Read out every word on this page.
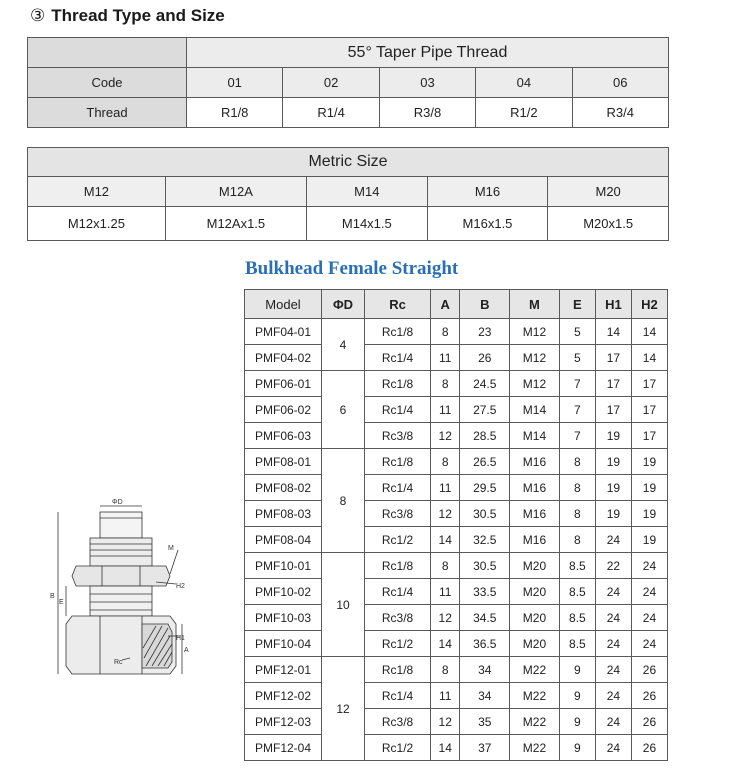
③ Thread Type and Size
	55° Taper Pipe Thread				
Code	01	02	03	04	06
Thread	R1/8	R1/4	R3/8	R1/2	R3/4
Metric Size				
M12	M12A	M14	M16	M20
M12x1.25	M12Ax1.5	M14x1.5	M16x1.5	M20x1.5
Bulkhead Female Straight
Model	ΦD	Rc	A	B	M	E	H1	H2
PMF04-01	4	Rc1/8	8	23	M12	5	14	14
PMF04-02		Rc1/4	11	26	M12	5	17	14
PMF06-01	6	Rc1/8	8	24.5	M12	7	17	17
PMF06-02		Rc1/4	11	27.5	M14	7	17	17
PMF06-03		Rc3/8	12	28.5	M14	7	19	17
PMF08-01	8	Rc1/8	8	26.5	M16	8	19	19
PMF08-02		Rc1/4	11	29.5	M16	8	19	19
PMF08-03		Rc3/8	12	30.5	M16	8	19	19
PMF08-04		Rc1/2	14	32.5	M16	8	24	19
PMF10-01	10	Rc1/8	8	30.5	M20	8.5	22	24
PMF10-02		Rc1/4	11	33.5	M20	8.5	24	24
PMF10-03		Rc3/8	12	34.5	M20	8.5	24	24
PMF10-04		Rc1/2	14	36.5	M20	8.5	24	24
PMF12-01	12	Rc1/8	8	34	M22	9	24	26
PMF12-02		Rc1/4	11	34	M22	9	24	26
PMF12-03		Rc3/8	12	35	M22	9	24	26
PMF12-04		Rc1/2	14	37	M22	9	24	26
ΦD
M
H2
B
E
H1
A
Rc
